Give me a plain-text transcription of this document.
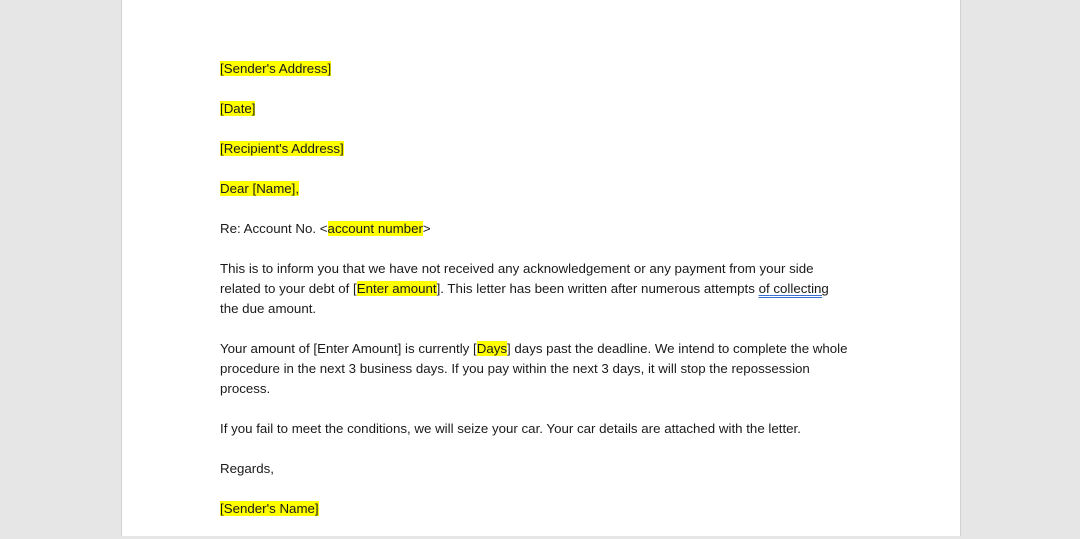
[Sender's Address]

[Date]

[Recipient's Address]

Dear [Name],

Re: Account No. <account number>

This is to inform you that we have not received any acknowledgement or any payment from your side related to your debt of [Enter amount]. This letter has been written after numerous attempts of collecting the due amount.

Your amount of [Enter Amount] is currently [Days] days past the deadline. We intend to complete the whole procedure in the next 3 business days. If you pay within the next 3 days, it will stop the repossession process.

If you fail to meet the conditions, we will seize your car. Your car details are attached with the letter.

Regards,

[Sender's Name]
